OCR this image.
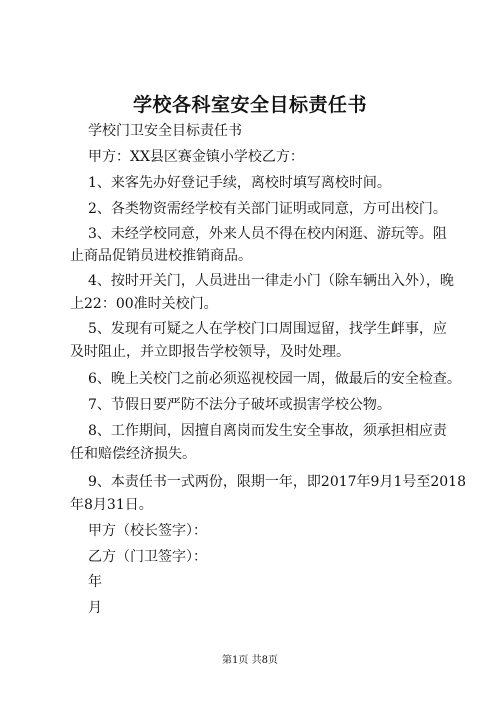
学校各科室安全目标责任书
学校门卫安全目标责任书
甲方：XX县区赛金镇小学校乙方：
1、来客先办好登记手续，离校时填写离校时间。
2、各类物资需经学校有关部门证明或同意，方可出校门。
3、未经学校同意，外来人员不得在校内闲逛、游玩等。阻
止商品促销员进校推销商品。
4、按时开关门，人员进出一律走小门（除车辆出入外），晚
上22：00准时关校门。
5、发现有可疑之人在学校门口周围逗留，找学生衅事，应
及时阻止，并立即报告学校领导，及时处理。
6、晚上关校门之前必须巡视校园一周，做最后的安全检查。
7、节假日要严防不法分子破坏或损害学校公物。
8、工作期间，因擅自离岗而发生安全事故，须承担相应责
任和赔偿经济损失。
9、本责任书一式两份，限期一年，即2017年9月1号至2018
年8月31日。
甲方（校长签字）：
乙方（门卫签字）：
年
月
第1页 共8页
